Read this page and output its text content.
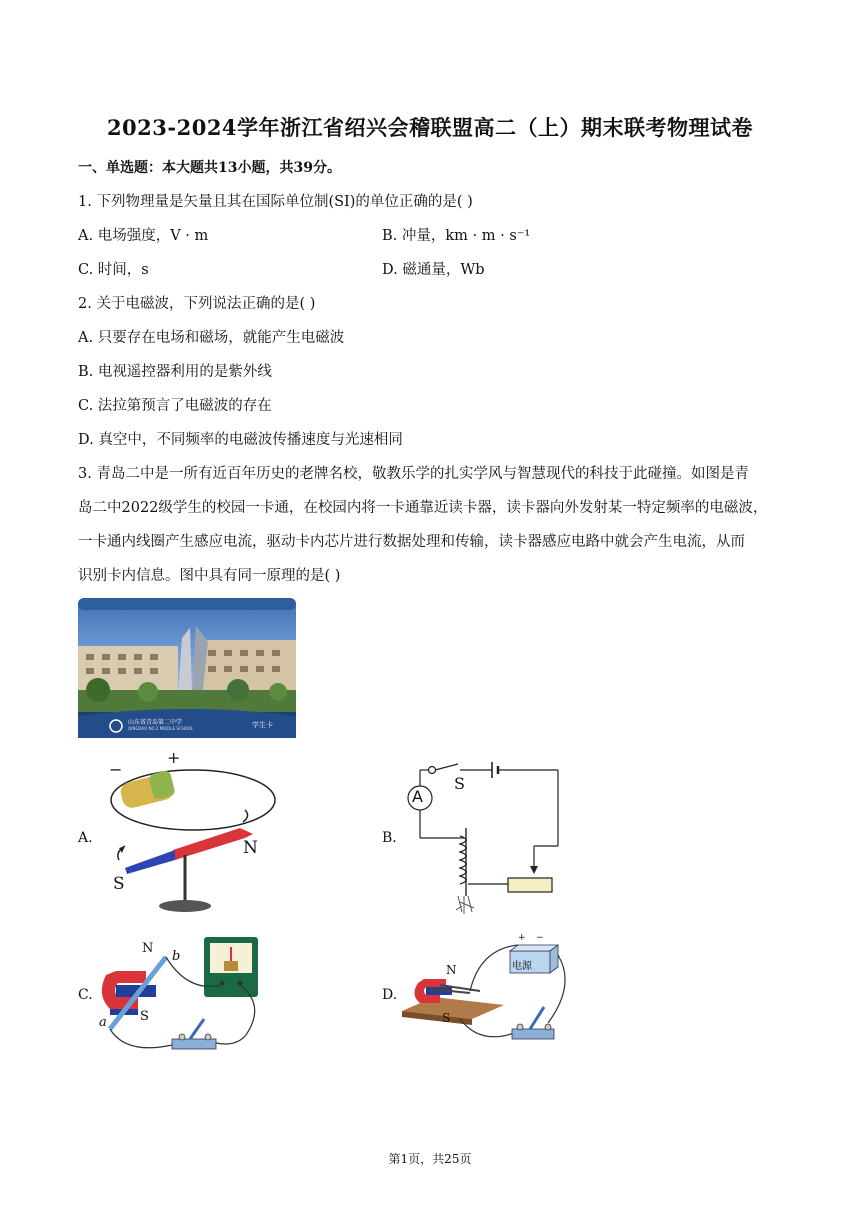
2023-2024学年浙江省绍兴会稽联盟高二（上）期末联考物理试卷
一、单选题：本大题共13小题，共39分。
1. 下列物理量是矢量且其在国际单位制(SI)的单位正确的是( )
A. 电场强度，V · m	B. 冲量，km · m · s⁻¹
C. 时间，s	D. 磁通量，Wb
2. 关于电磁波，下列说法正确的是( )
A. 只要存在电场和磁场，就能产生电磁波
B. 电视遥控器利用的是紫外线
C. 法拉第预言了电磁波的存在
D. 真空中，不同频率的电磁波传播速度与光速相同
3. 青岛二中是一所有近百年历史的老牌名校，敬教乐学的扎实学风与智慧现代的科技于此碰撞。如图是青
岛二中2022级学生的校园一卡通，在校园内将一卡通靠近读卡器，读卡器向外发射某一特定频率的电磁波，
一卡通内线圈产生感应电流，驱动卡内芯片进行数据处理和传输，读卡器感应电路中就会产生电流，从而
识别卡内信息。图中具有同一原理的是( )
山东省青岛第二中学
QINGDAO NO.2 MIDDLE SCHOOL	学生卡
A.
−
+
N
S
B.
A
S
C.
N
S
a
b
D.
N
S
电源
+ −
第1页，共25页
